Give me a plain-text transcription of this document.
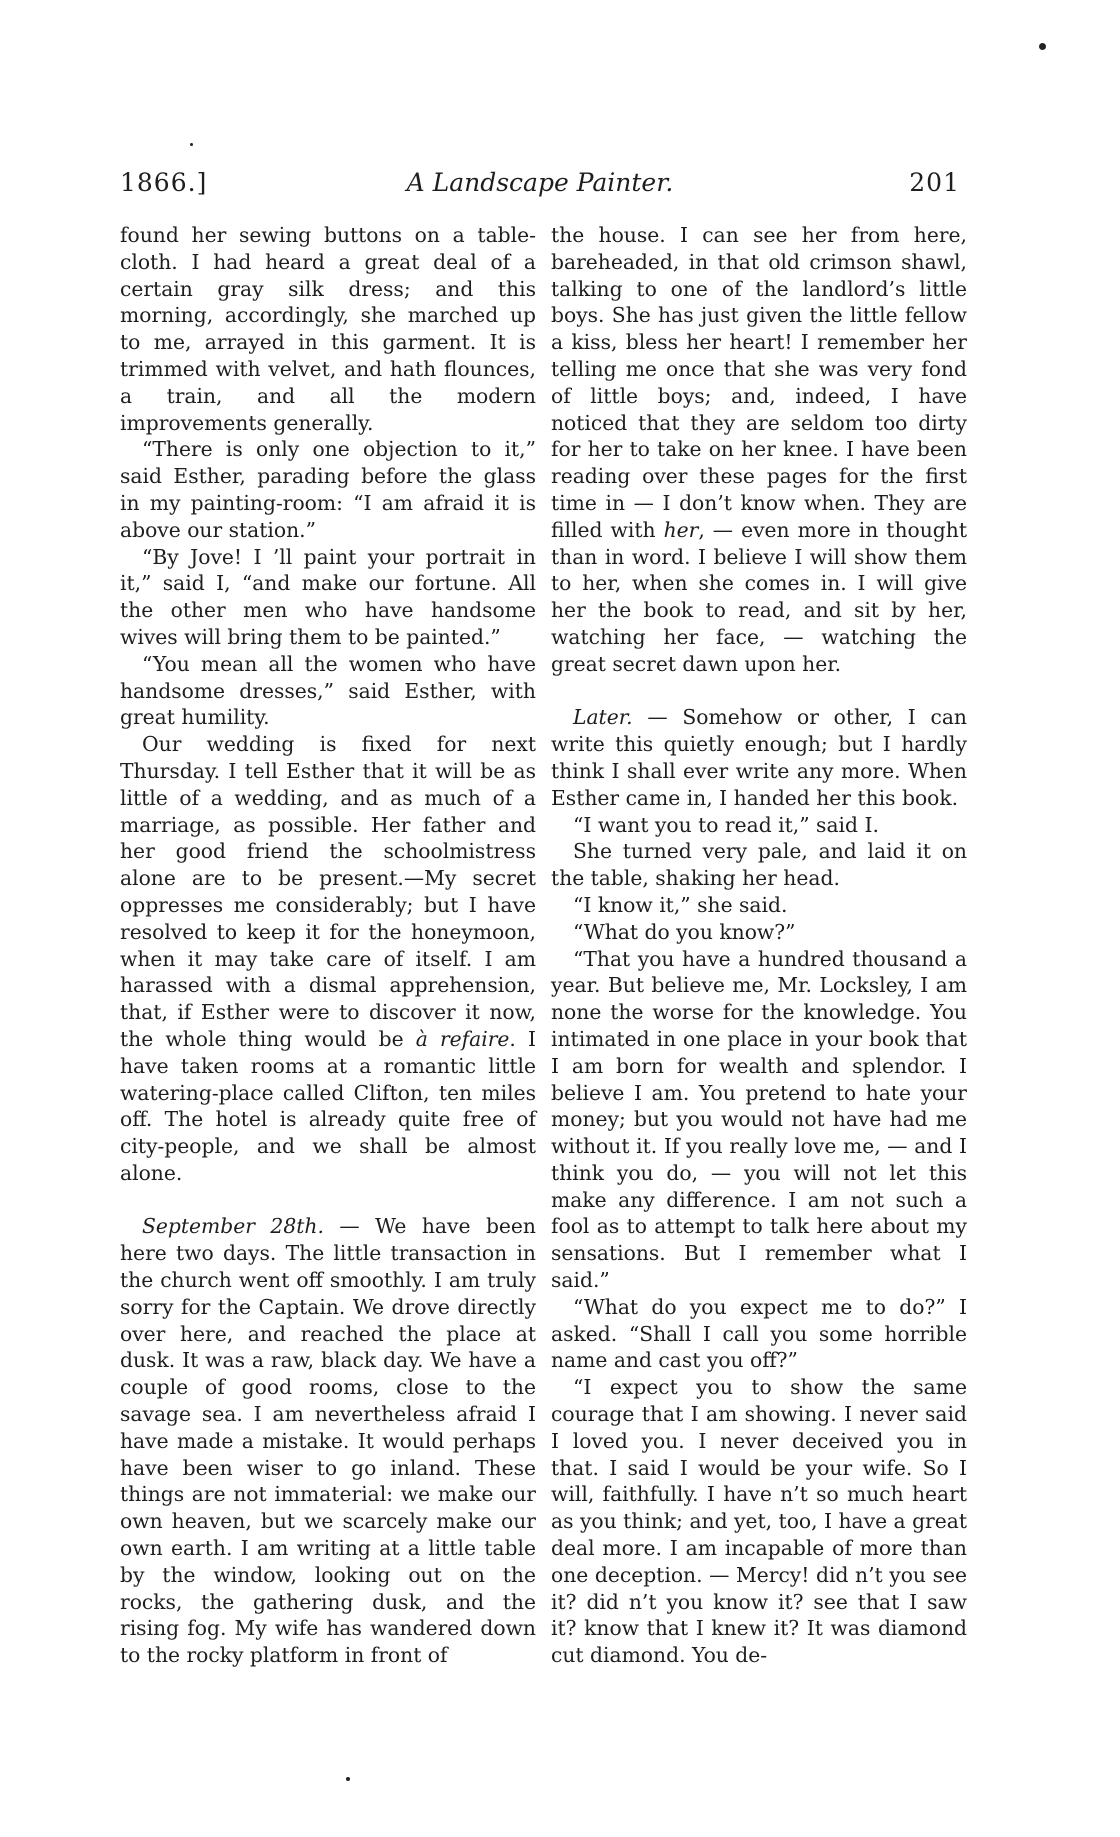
1866.]	A Landscape Painter.	201

found her sewing buttons on a table-cloth. I had heard a great deal of a certain gray silk dress; and this morning, accordingly, she marched up to me, arrayed in this garment. It is trimmed with velvet, and hath flounces, a train, and all the modern improvements generally.

“There is only one objection to it,” said Esther, parading before the glass in my painting-room: “I am afraid it is above our station.”

“By Jove! I ’ll paint your portrait in it,” said I, “and make our fortune. All the other men who have handsome wives will bring them to be painted.”

“You mean all the women who have handsome dresses,” said Esther, with great humility.

Our wedding is fixed for next Thursday. I tell Esther that it will be as little of a wedding, and as much of a marriage, as possible. Her father and her good friend the schoolmistress alone are to be present.—My secret oppresses me considerably; but I have resolved to keep it for the honeymoon, when it may take care of itself. I am harassed with a dismal apprehension, that, if Esther were to discover it now, the whole thing would be à refaire. I have taken rooms at a romantic little watering-place called Clifton, ten miles off. The hotel is already quite free of city-people, and we shall be almost alone.

September 28th. — We have been here two days. The little transaction in the church went off smoothly. I am truly sorry for the Captain. We drove directly over here, and reached the place at dusk. It was a raw, black day. We have a couple of good rooms, close to the savage sea. I am nevertheless afraid I have made a mistake. It would perhaps have been wiser to go inland. These things are not immaterial: we make our own heaven, but we scarcely make our own earth. I am writing at a little table by the window, looking out on the rocks, the gathering dusk, and the rising fog. My wife has wandered down to the rocky platform in front of

the house. I can see her from here, bareheaded, in that old crimson shawl, talking to one of the landlord’s little boys. She has just given the little fellow a kiss, bless her heart! I remember her telling me once that she was very fond of little boys; and, indeed, I have noticed that they are seldom too dirty for her to take on her knee. I have been reading over these pages for the first time in — I don’t know when. They are filled with her, — even more in thought than in word. I believe I will show them to her, when she comes in. I will give her the book to read, and sit by her, watching her face, — watching the great secret dawn upon her.

Later. — Somehow or other, I can write this quietly enough; but I hardly think I shall ever write any more. When Esther came in, I handed her this book.

“I want you to read it,” said I.

She turned very pale, and laid it on the table, shaking her head.

“I know it,” she said.

“What do you know?”

“That you have a hundred thousand a year. But believe me, Mr. Locksley, I am none the worse for the knowledge. You intimated in one place in your book that I am born for wealth and splendor. I believe I am. You pretend to hate your money; but you would not have had me without it. If you really love me, — and I think you do, — you will not let this make any difference. I am not such a fool as to attempt to talk here about my sensations. But I remember what I said.”

“What do you expect me to do?” I asked. “Shall I call you some horrible name and cast you off?”

“I expect you to show the same courage that I am showing. I never said I loved you. I never deceived you in that. I said I would be your wife. So I will, faithfully. I have n’t so much heart as you think; and yet, too, I have a great deal more. I am incapable of more than one deception. — Mercy! did n’t you see it? did n’t you know it? see that I saw it? know that I knew it? It was diamond cut diamond. You de-
